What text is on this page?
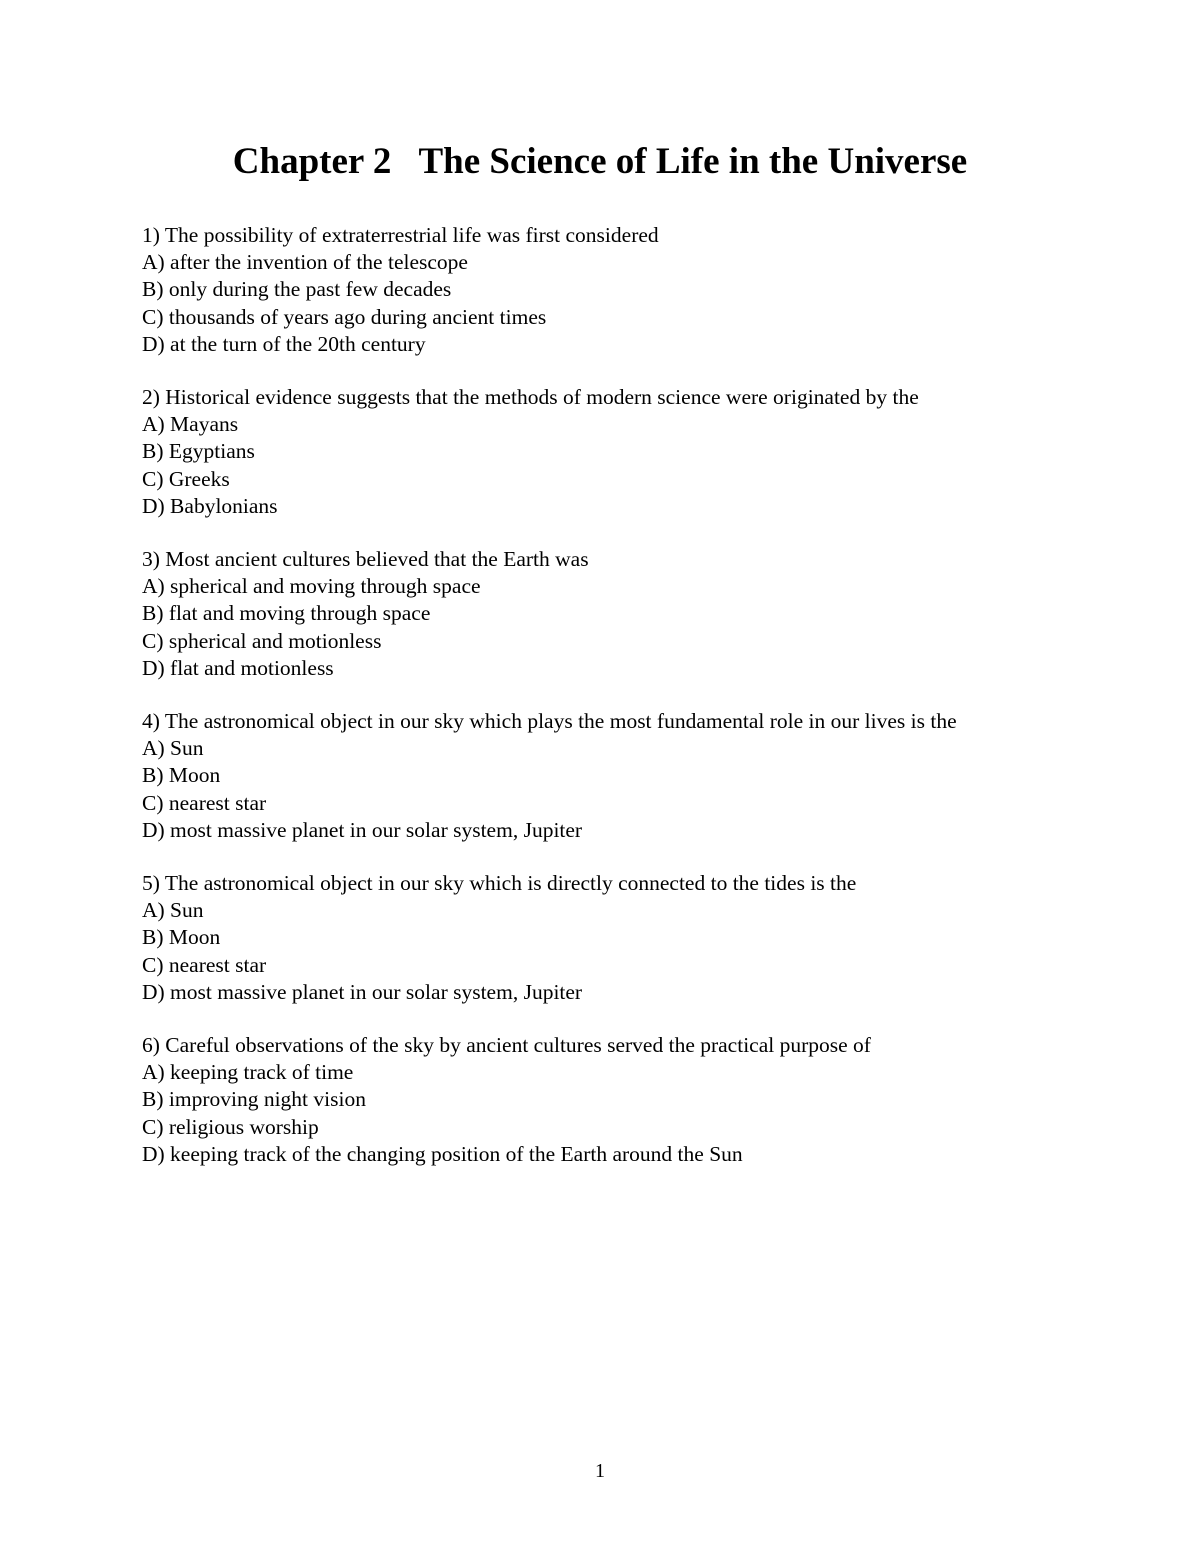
Chapter 2   The Science of Life in the Universe
1) The possibility of extraterrestrial life was first considered
A) after the invention of the telescope
B) only during the past few decades
C) thousands of years ago during ancient times
D) at the turn of the 20th century
2) Historical evidence suggests that the methods of modern science were originated by the
A) Mayans
B) Egyptians
C) Greeks
D) Babylonians
3) Most ancient cultures believed that the Earth was
A) spherical and moving through space
B) flat and moving through space
C) spherical and motionless
D) flat and motionless
4) The astronomical object in our sky which plays the most fundamental role in our lives is the
A) Sun
B) Moon
C) nearest star
D) most massive planet in our solar system, Jupiter
5) The astronomical object in our sky which is directly connected to the tides is the
A) Sun
B) Moon
C) nearest star
D) most massive planet in our solar system, Jupiter
6) Careful observations of the sky by ancient cultures served the practical purpose of
A) keeping track of time
B) improving night vision
C) religious worship
D) keeping track of the changing position of the Earth around the Sun
1
